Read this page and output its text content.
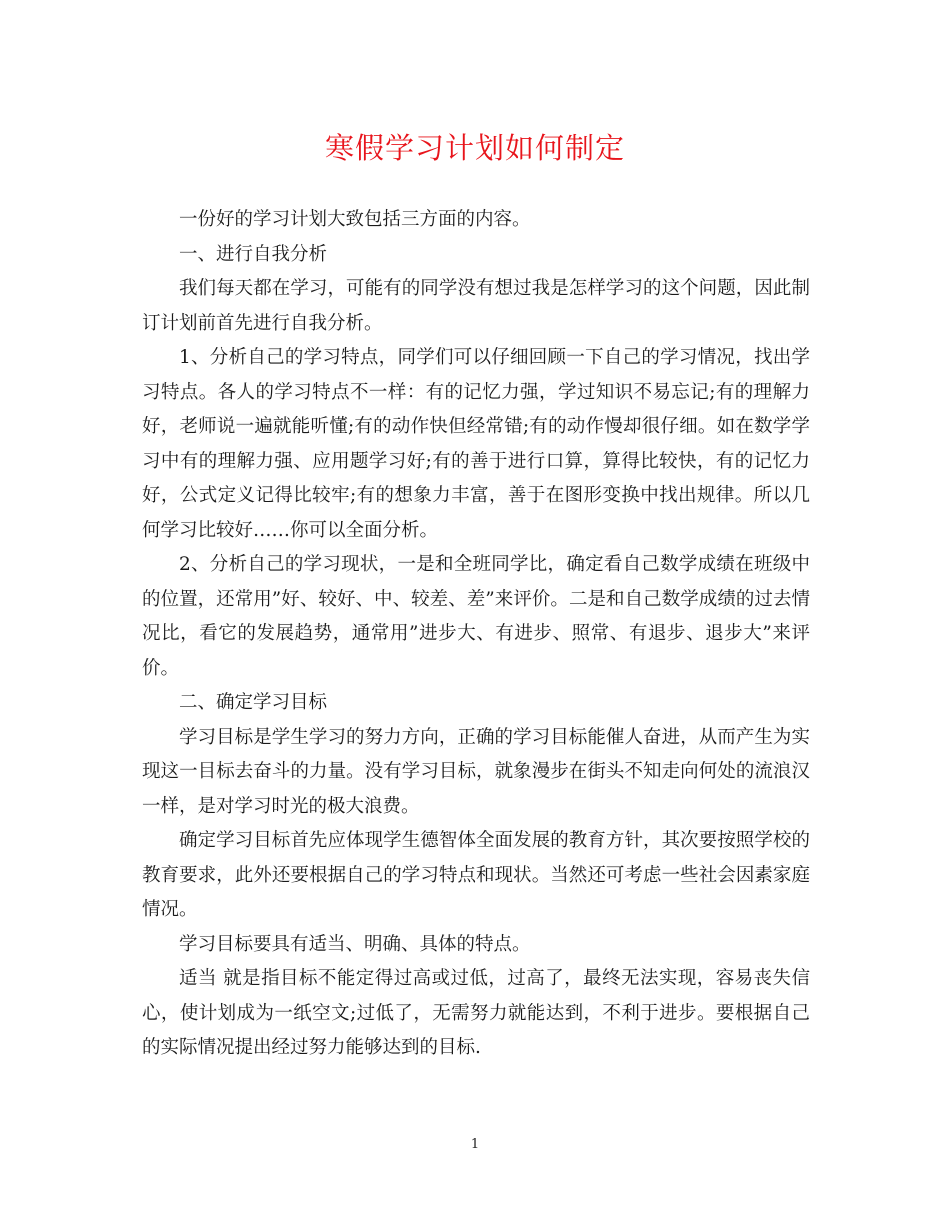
寒假学习计划如何制定

一份好的学习计划大致包括三方面的内容。

一、进行自我分析

我们每天都在学习，可能有的同学没有想过我是怎样学习的这个问题，因此制订计划前首先进行自我分析。

1、分析自己的学习特点，同学们可以仔细回顾一下自己的学习情况，找出学习特点。各人的学习特点不一样：有的记忆力强，学过知识不易忘记;有的理解力好，老师说一遍就能听懂;有的动作快但经常错;有的动作慢却很仔细。如在数学学习中有的理解力强、应用题学习好;有的善于进行口算，算得比较快，有的记忆力好，公式定义记得比较牢;有的想象力丰富，善于在图形变换中找出规律。所以几何学习比较好……你可以全面分析。

2、分析自己的学习现状，一是和全班同学比，确定看自己数学成绩在班级中的位置，还常用”好、较好、中、较差、差”来评价。二是和自己数学成绩的过去情况比，看它的发展趋势，通常用”进步大、有进步、照常、有退步、退步大”来评价。

二、确定学习目标

学习目标是学生学习的努力方向，正确的学习目标能催人奋进，从而产生为实现这一目标去奋斗的力量。没有学习目标，就象漫步在街头不知走向何处的流浪汉一样，是对学习时光的极大浪费。

确定学习目标首先应体现学生德智体全面发展的教育方针，其次要按照学校的教育要求，此外还要根据自己的学习特点和现状。当然还可考虑一些社会因素家庭情况。

学习目标要具有适当、明确、具体的特点。

适当 就是指目标不能定得过高或过低，过高了，最终无法实现，容易丧失信心，使计划成为一纸空文;过低了，无需努力就能达到，不利于进步。要根据自己的实际情况提出经过努力能够达到的目标.

1
